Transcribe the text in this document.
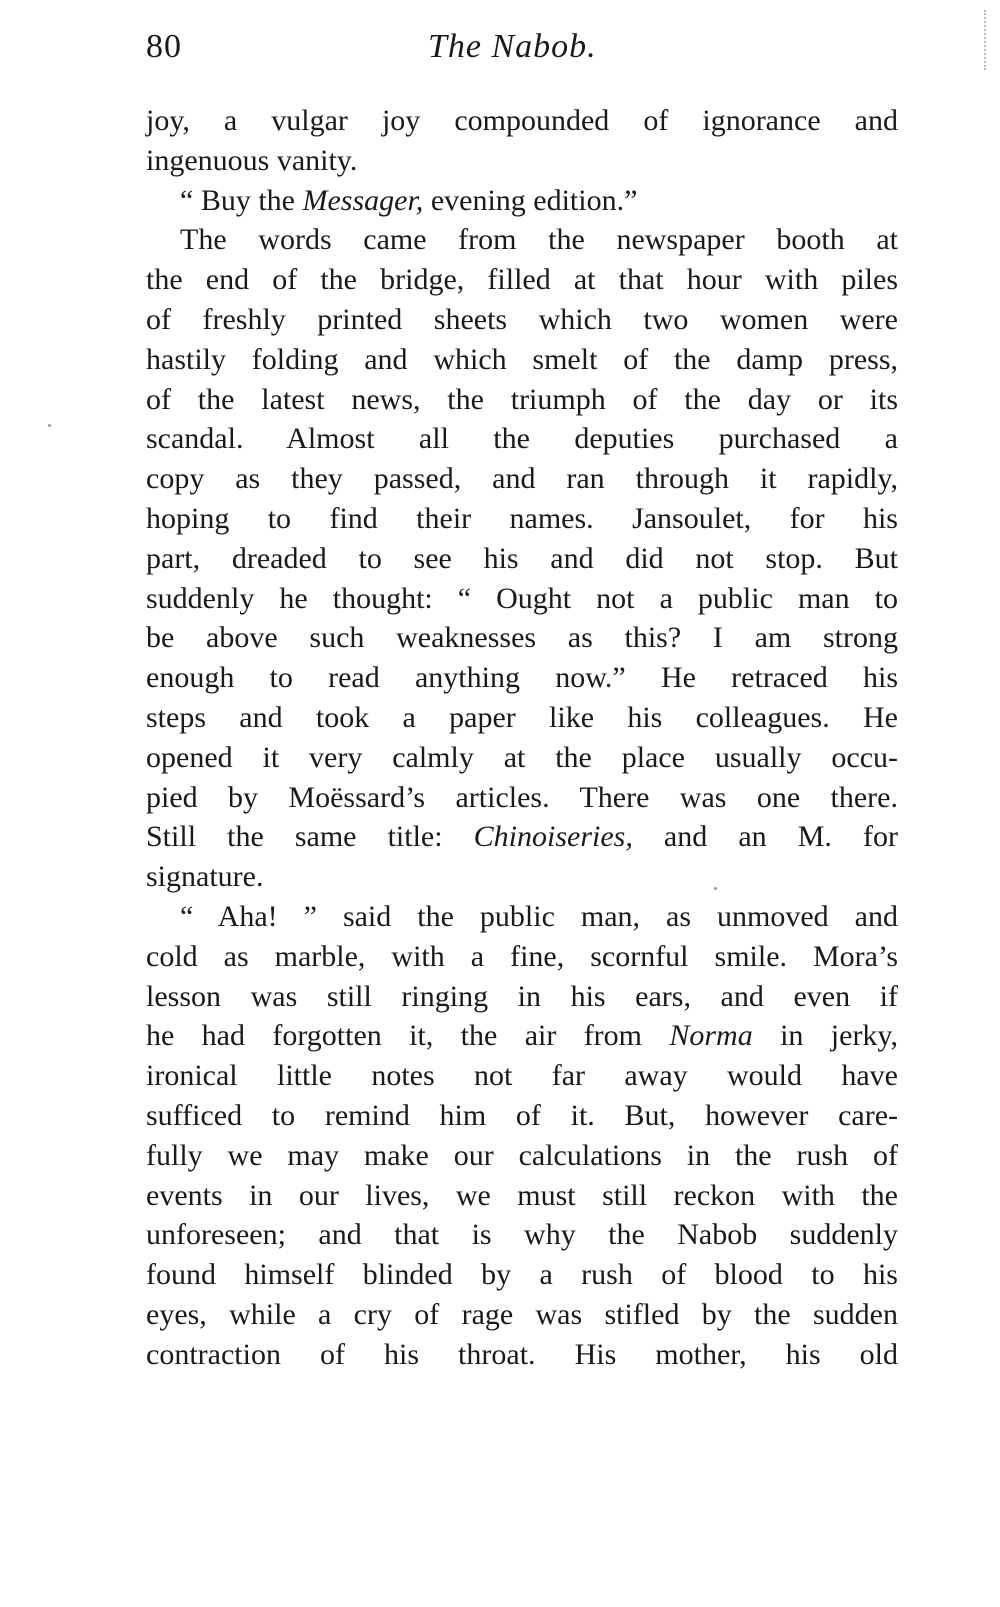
80	The Nabob.
joy, a vulgar joy compounded of ignorance and
ingenuous vanity.
“ Buy the Messager, evening edition.”
The words came from the newspaper booth at
the end of the bridge, filled at that hour with piles
of freshly printed sheets which two women were
hastily folding and which smelt of the damp press,
of the latest news, the triumph of the day or its
scandal. Almost all the deputies purchased a
copy as they passed, and ran through it rapidly,
hoping to find their names. Jansoulet, for his
part, dreaded to see his and did not stop. But
suddenly he thought: “ Ought not a public man to
be above such weaknesses as this? I am strong
enough to read anything now.” He retraced his
steps and took a paper like his colleagues. He
opened it very calmly at the place usually occu-
pied by Moëssard’s articles. There was one there.
Still the same title: Chinoiseries, and an M. for
signature.
“ Aha! ” said the public man, as unmoved and
cold as marble, with a fine, scornful smile. Mora’s
lesson was still ringing in his ears, and even if
he had forgotten it, the air from Norma in jerky,
ironical little notes not far away would have
sufficed to remind him of it. But, however care-
fully we may make our calculations in the rush of
events in our lives, we must still reckon with the
unforeseen; and that is why the Nabob suddenly
found himself blinded by a rush of blood to his
eyes, while a cry of rage was stifled by the sudden
contraction of his throat. His mother, his old
